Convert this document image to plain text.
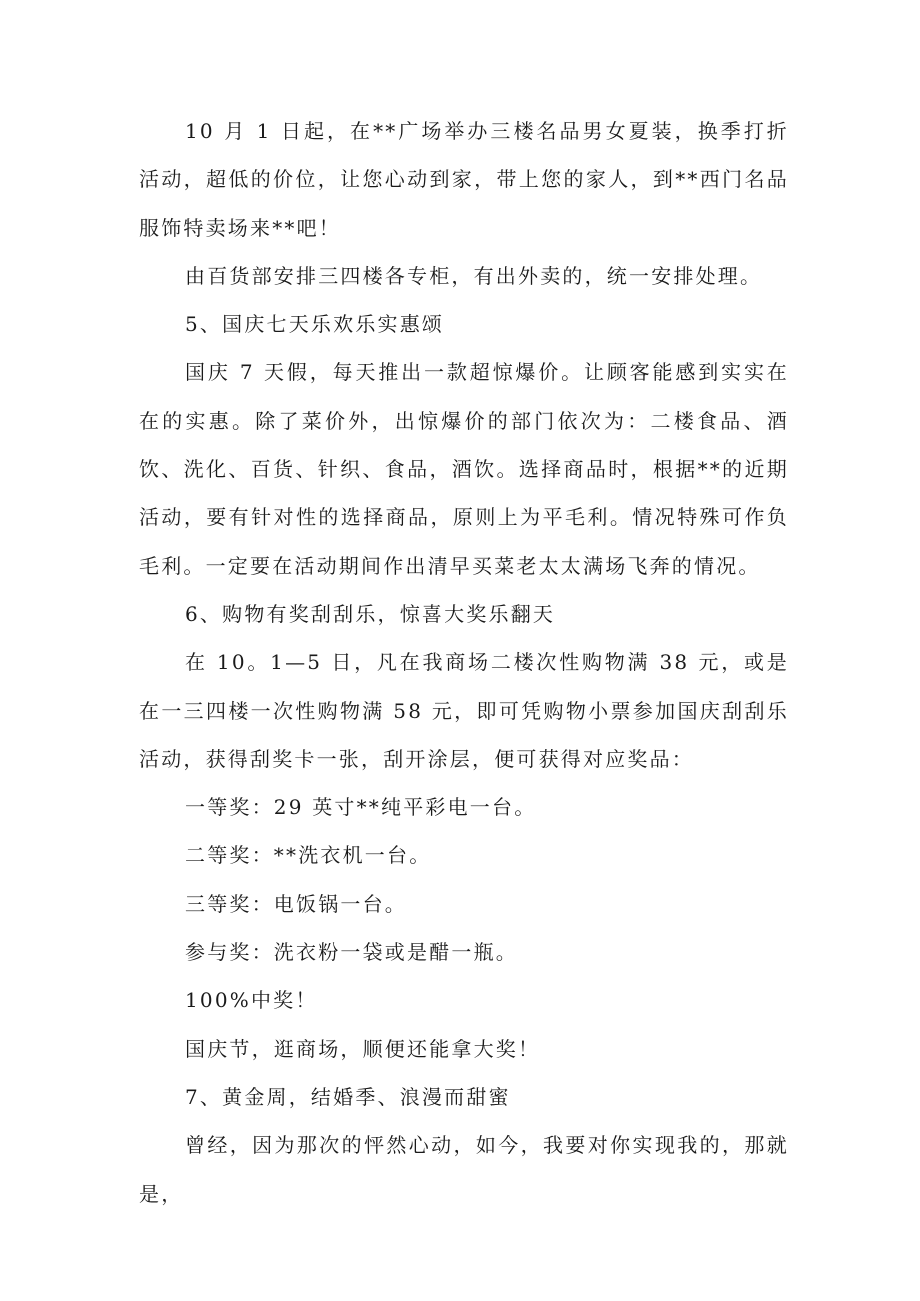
10 月 1 日起，在**广场举办三楼名品男女夏装，换季打折活动，超低的价位，让您心动到家，带上您的家人，到**西门名品服饰特卖场来**吧！

由百货部安排三四楼各专柜，有出外卖的，统一安排处理。

5、国庆七天乐欢乐实惠颂

国庆 7 天假，每天推出一款超惊爆价。让顾客能感到实实在在的实惠。除了菜价外，出惊爆价的部门依次为：二楼食品、酒饮、洗化、百货、针织、食品，酒饮。选择商品时，根据**的近期活动，要有针对性的选择商品，原则上为平毛利。情况特殊可作负毛利。一定要在活动期间作出清早买菜老太太满场飞奔的情况。

6、购物有奖刮刮乐，惊喜大奖乐翻天

在 10。1—5 日，凡在我商场二楼次性购物满 38 元，或是在一三四楼一次性购物满 58 元，即可凭购物小票参加国庆刮刮乐活动，获得刮奖卡一张，刮开涂层，便可获得对应奖品：

一等奖：29 英寸**纯平彩电一台。

二等奖：**洗衣机一台。

三等奖：电饭锅一台。

参与奖：洗衣粉一袋或是醋一瓶。

100%中奖！

国庆节，逛商场，顺便还能拿大奖！

7、黄金周，结婚季、浪漫而甜蜜

曾经，因为那次的怦然心动，如今，我要对你实现我的，那就是，
